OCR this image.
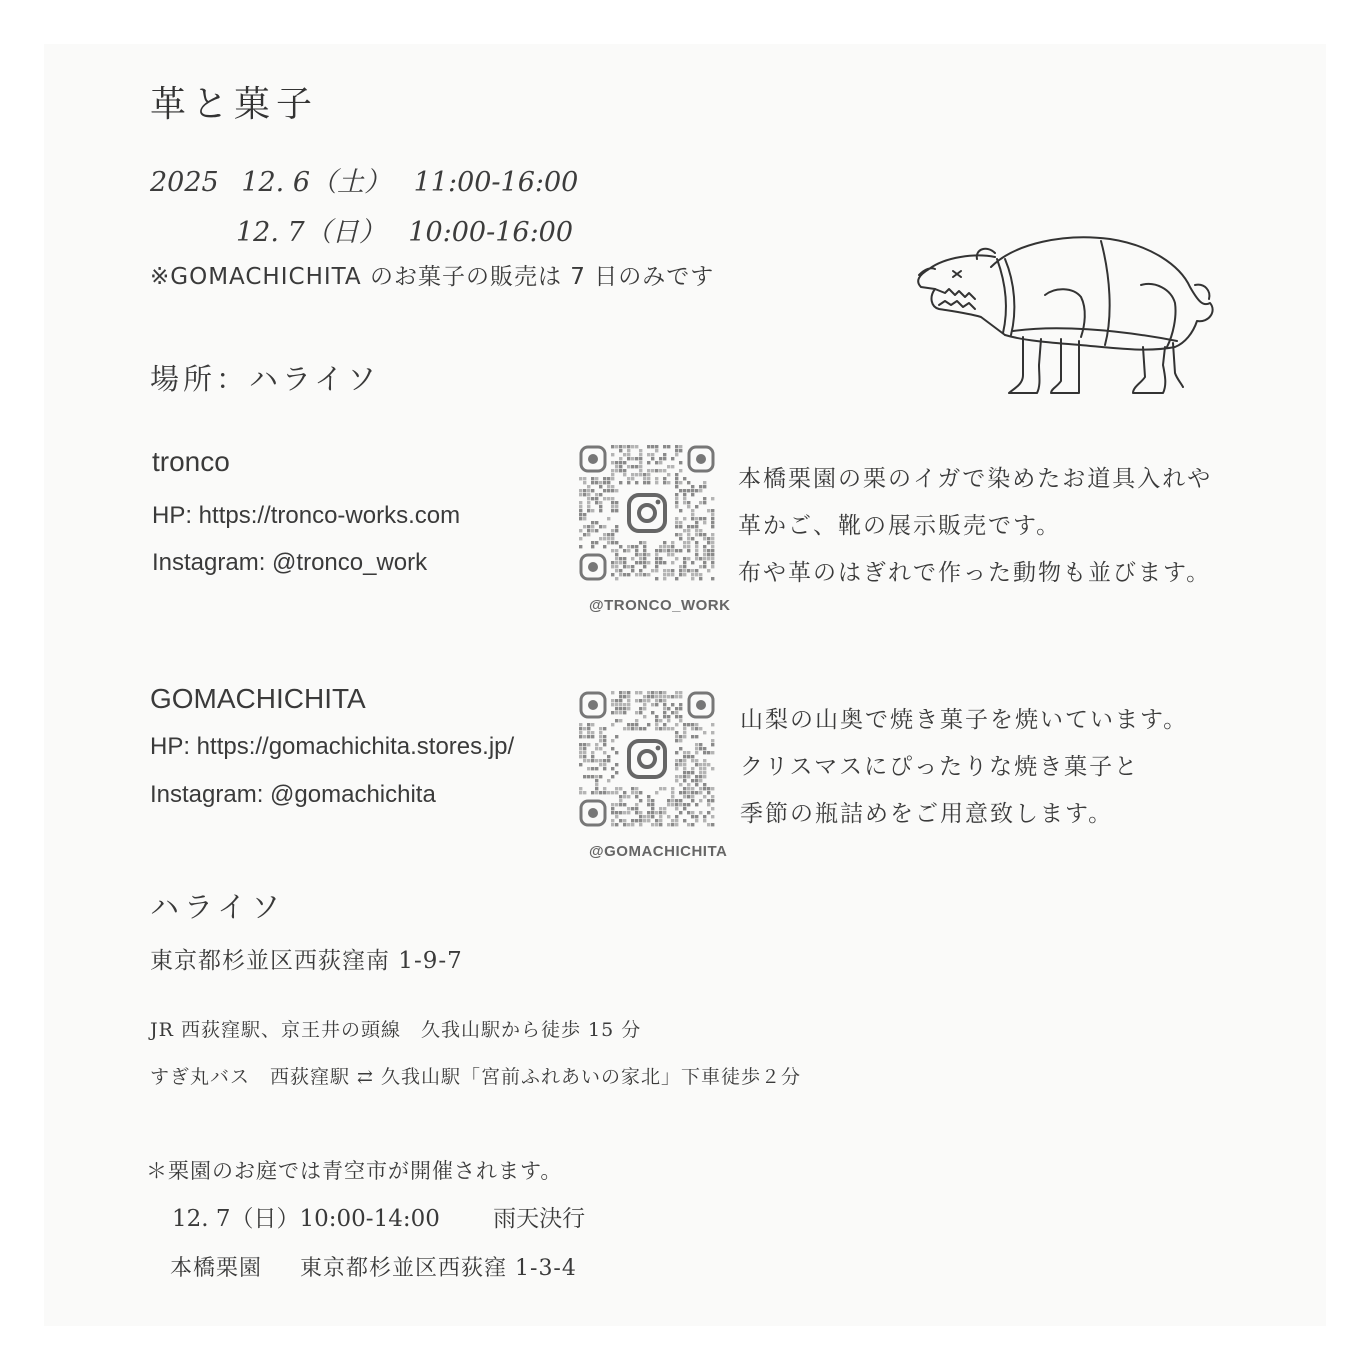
革と菓子
2025 12. 6（土） 11:00-16:00
12. 7（日） 10:00-16:00
※GOMACHICHITA のお菓子の販売は 7 日のみです
場所：ハライソ
tronco
HP: https://tronco-works.com
Instagram: @tronco_work
@TRONCO_WORK
本橋栗園の栗のイガで染めたお道具入れや
革かご、靴の展示販売です。
布や革のはぎれで作った動物も並びます。
GOMACHICHITA
HP: https://gomachichita.stores.jp/
Instagram: @gomachichita
@GOMACHICHITA
山梨の山奥で焼き菓子を焼いています。
クリスマスにぴったりな焼き菓子と
季節の瓶詰めをご用意致します。
ハライソ
東京都杉並区西荻窪南 1-9-7
JR 西荻窪駅、京王井の頭線　久我山駅から徒歩 15 分
すぎ丸バス　西荻窪駅 ⇄ 久我山駅「宮前ふれあいの家北」下車徒歩２分
＊栗園のお庭では青空市が開催されます。
12. 7（日）10:00-14:00 雨天決行
本橋栗園 東京都杉並区西荻窪 1-3-4
